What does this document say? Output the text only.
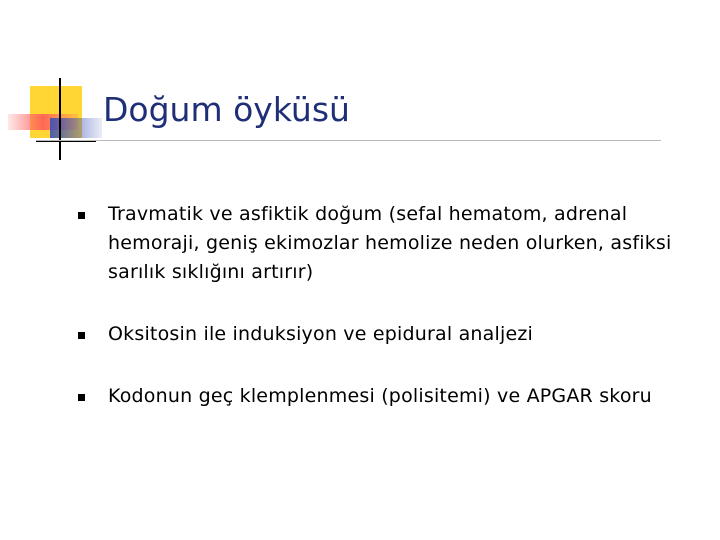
Doğum öyküsü
Travmatik ve asfiktik doğum (sefal hematom, adrenal hemoraji, geniş ekimozlar hemolize neden olurken, asfiksi sarılık sıklığını artırır)
Oksitosin ile induksiyon ve epidural analjezi
Kodonun geç klemplenmesi (polisitemi) ve APGAR skoru
